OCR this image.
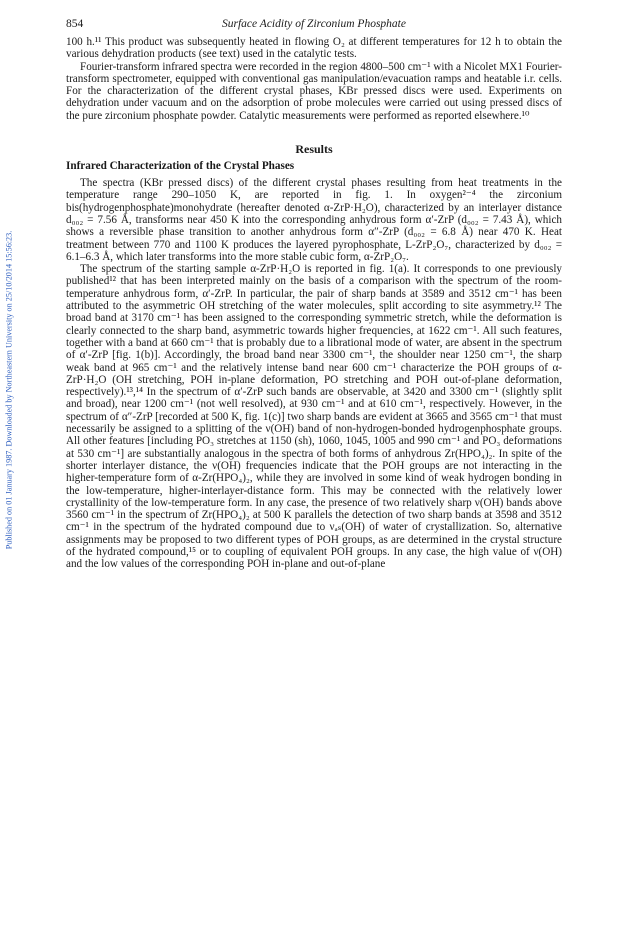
Published on 01 January 1987. Downloaded by Northeastern University on 25/10/2014 15:56:23.
854	Surface Acidity of Zirconium Phosphate

100 h.¹¹ This product was subsequently heated in flowing O₂ at different temperatures for 12 h to obtain the various dehydration products (see text) used in the catalytic tests.

Fourier-transform infrared spectra were recorded in the region 4800–500 cm⁻¹ with a Nicolet MX1 Fourier-transform spectrometer, equipped with conventional gas manipulation/evacuation ramps and heatable i.r. cells. For the characterization of the different crystal phases, KBr pressed discs were used. Experiments on dehydration under vacuum and on the adsorption of probe molecules were carried out using pressed discs of the pure zirconium phosphate powder. Catalytic measurements were performed as reported elsewhere.¹⁰

Results
Infrared Characterization of the Crystal Phases

The spectra (KBr pressed discs) of the different crystal phases resulting from heat treatments in the temperature range 290–1050 K, are reported in fig. 1. In oxygen²⁻⁴ the zirconium bis(hydrogenphosphate)monohydrate (hereafter denoted α-ZrP·H₂O), characterized by an interlayer distance d₀₀₂ = 7.56 Å, transforms near 450 K into the corresponding anhydrous form α′-ZrP (d₀₀₂ = 7.43 Å), which shows a reversible phase transition to another anhydrous form α″-ZrP (d₀₀₂ = 6.8 Å) near 470 K. Heat treatment between 770 and 1100 K produces the layered pyrophosphate, L-ZrP₂O₇, characterized by d₀₀₂ = 6.1–6.3 Å, which later transforms into the more stable cubic form, α-ZrP₂O₇.

The spectrum of the starting sample α-ZrP·H₂O is reported in fig. 1(a). It corresponds to one previously published¹² that has been interpreted mainly on the basis of a comparison with the spectrum of the room-temperature anhydrous form, α′-ZrP. In particular, the pair of sharp bands at 3589 and 3512 cm⁻¹ has been attributed to the asymmetric OH stretching of the water molecules, split according to site asymmetry.¹² The broad band at 3170 cm⁻¹ has been assigned to the corresponding symmetric stretch, while the deformation is clearly connected to the sharp band, asymmetric towards higher frequencies, at 1622 cm⁻¹. All such features, together with a band at 660 cm⁻¹ that is probably due to a librational mode of water, are absent in the spectrum of α′-ZrP [fig. 1(b)]. Accordingly, the broad band near 3300 cm⁻¹, the shoulder near 1250 cm⁻¹, the sharp weak band at 965 cm⁻¹ and the relatively intense band near 600 cm⁻¹ characterize the POH groups of α-ZrP·H₂O (OH stretching, POH in-plane deformation, PO stretching and POH out-of-plane deformation, respectively).¹³,¹⁴ In the spectrum of α′-ZrP such bands are observable, at 3420 and 3300 cm⁻¹ (slightly split and broad), near 1200 cm⁻¹ (not well resolved), at 930 cm⁻¹ and at 610 cm⁻¹, respectively. However, in the spectrum of α″-ZrP [recorded at 500 K, fig. 1(c)] two sharp bands are evident at 3665 and 3565 cm⁻¹ that must necessarily be assigned to a splitting of the ν(OH) band of non-hydrogen-bonded hydrogenphosphate groups. All other features [including PO₃ stretches at 1150 (sh), 1060, 1045, 1005 and 990 cm⁻¹ and PO₃ deformations at 530 cm⁻¹] are substantially analogous in the spectra of both forms of anhydrous Zr(HPO₄)₂. In spite of the shorter interlayer distance, the ν(OH) frequencies indicate that the POH groups are not interacting in the higher-temperature form of α-Zr(HPO₄)₂, while they are involved in some kind of weak hydrogen bonding in the low-temperature, higher-interlayer-distance form. This may be connected with the relatively lower crystallinity of the low-temperature form. In any case, the presence of two relatively sharp ν(OH) bands above 3560 cm⁻¹ in the spectrum of Zr(HPO₄)₂ at 500 K parallels the detection of two sharp bands at 3598 and 3512 cm⁻¹ in the spectrum of the hydrated compound due to νₐₛ(OH) of water of crystallization. So, alternative assignments may be proposed to two different types of POH groups, as are determined in the crystal structure of the hydrated compound,¹⁵ or to coupling of equivalent POH groups. In any case, the high value of ν(OH) and the low values of the corresponding POH in-plane and out-of-plane
